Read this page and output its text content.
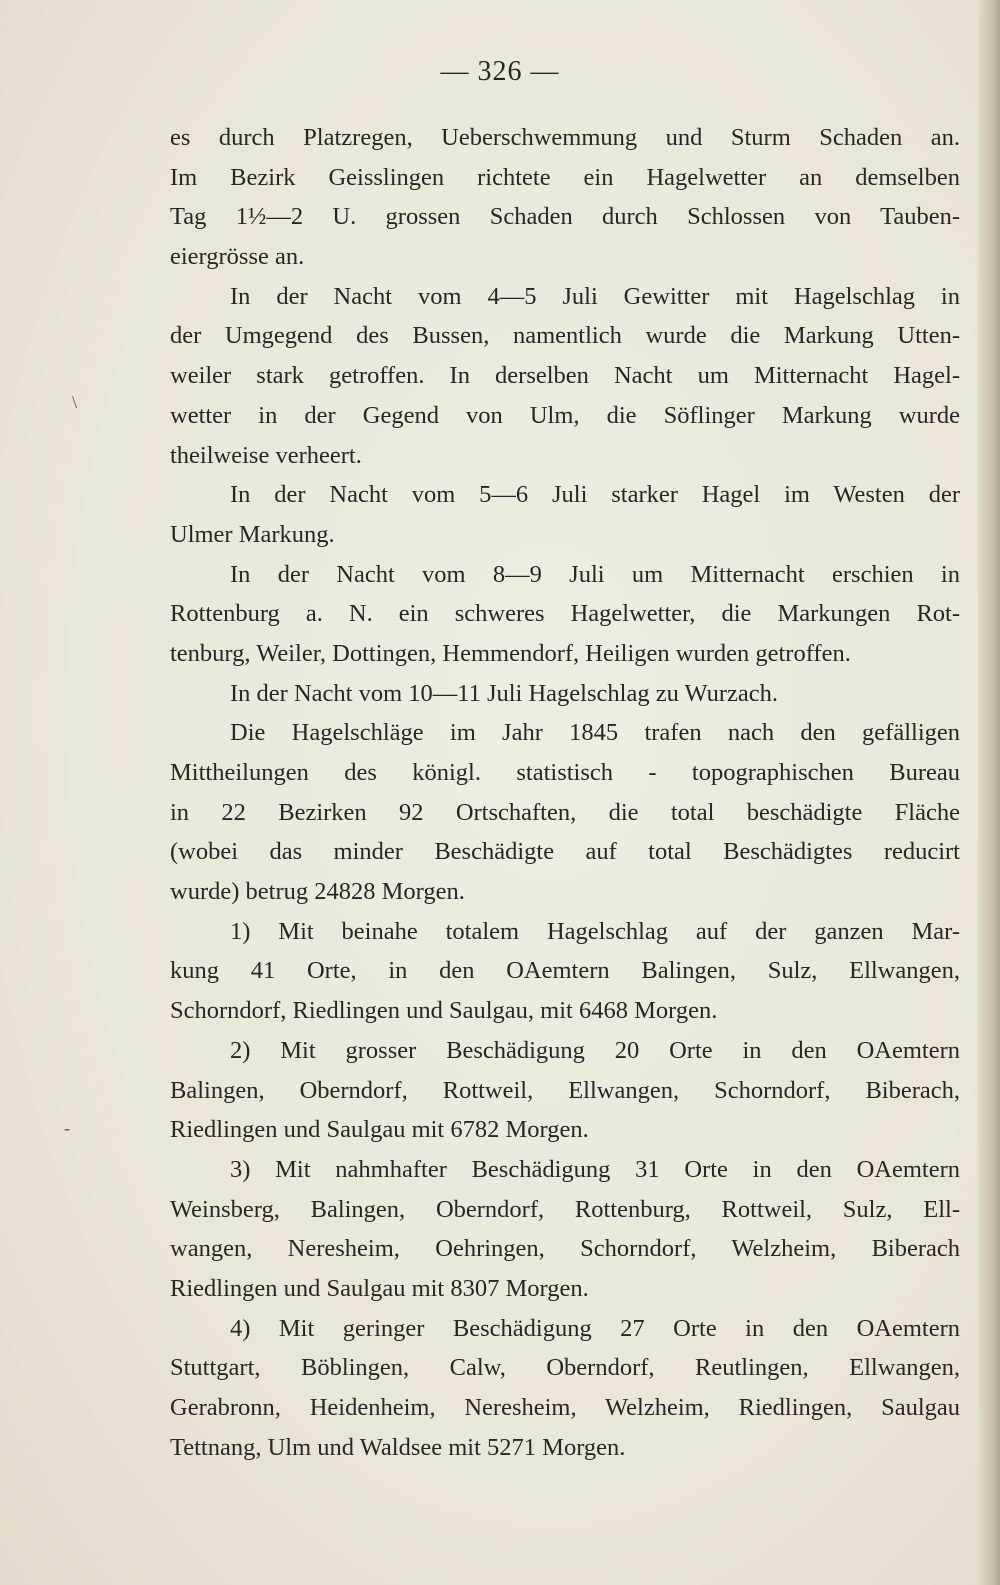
— 326 —
\
-
es durch Platzregen, Ueberschwemmung und Sturm Schaden an.
Im Bezirk Geisslingen richtete ein Hagelwetter an demselben
Tag 1½—2 U. grossen Schaden durch Schlossen von Tauben-
eiergrösse an.
In der Nacht vom 4—5 Juli Gewitter mit Hagelschlag in
der Umgegend des Bussen, namentlich wurde die Markung Utten-
weiler stark getroffen. In derselben Nacht um Mitternacht Hagel-
wetter in der Gegend von Ulm, die Söflinger Markung wurde
theilweise verheert.
In der Nacht vom 5—6 Juli starker Hagel im Westen der
Ulmer Markung.
In der Nacht vom 8—9 Juli um Mitternacht erschien in
Rottenburg a. N. ein schweres Hagelwetter, die Markungen Rot-
tenburg, Weiler, Dottingen, Hemmendorf, Heiligen wurden getroffen.
In der Nacht vom 10—11 Juli Hagelschlag zu Wurzach.
Die Hagelschläge im Jahr 1845 trafen nach den gefälligen
Mittheilungen des königl. statistisch - topographischen Bureau
in 22 Bezirken 92 Ortschaften, die total beschädigte Fläche
(wobei das minder Beschädigte auf total Beschädigtes reducirt
wurde) betrug 24828 Morgen.
1) Mit beinahe totalem Hagelschlag auf der ganzen Mar-
kung 41 Orte, in den OAemtern Balingen, Sulz, Ellwangen,
Schorndorf, Riedlingen und Saulgau, mit 6468 Morgen.
2) Mit grosser Beschädigung 20 Orte in den OAemtern
Balingen, Oberndorf, Rottweil, Ellwangen, Schorndorf, Biberach,
Riedlingen und Saulgau mit 6782 Morgen.
3) Mit nahmhafter Beschädigung 31 Orte in den OAemtern
Weinsberg, Balingen, Oberndorf, Rottenburg, Rottweil, Sulz, Ell-
wangen, Neresheim, Oehringen, Schorndorf, Welzheim, Biberach
Riedlingen und Saulgau mit 8307 Morgen.
4) Mit geringer Beschädigung 27 Orte in den OAemtern
Stuttgart, Böblingen, Calw, Oberndorf, Reutlingen, Ellwangen,
Gerabronn, Heidenheim, Neresheim, Welzheim, Riedlingen, Saulgau
Tettnang, Ulm und Waldsee mit 5271 Morgen.
